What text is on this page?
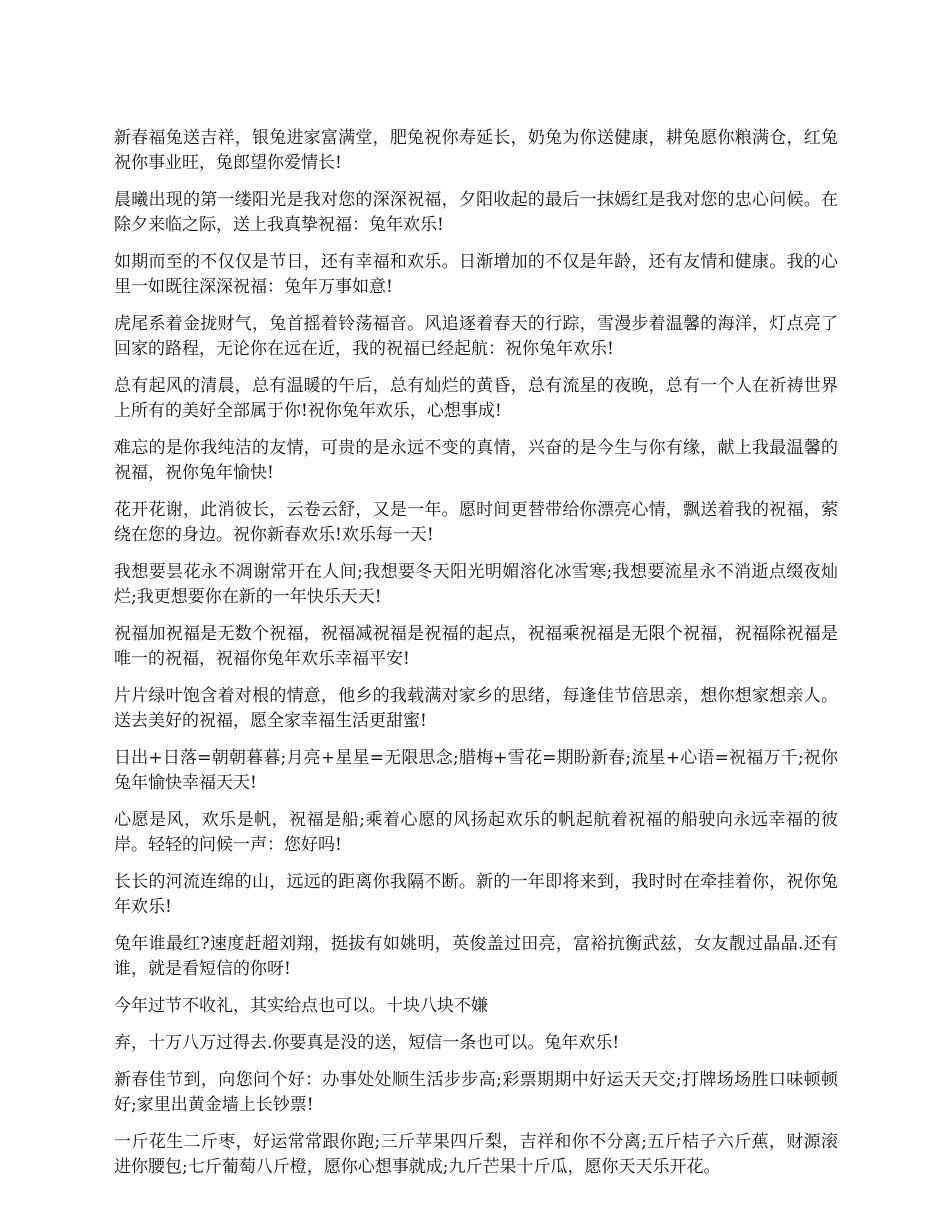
新春福兔送吉祥，银兔进家富满堂，肥兔祝你寿延长，奶兔为你送健康，耕兔愿你粮满仓，红兔祝你事业旺，兔郎望你爱情长!

晨曦出现的第一缕阳光是我对您的深深祝福，夕阳收起的最后一抹嫣红是我对您的忠心问候。在除夕来临之际，送上我真挚祝福：兔年欢乐!

如期而至的不仅仅是节日，还有幸福和欢乐。日渐增加的不仅是年龄，还有友情和健康。我的心里一如既往深深祝福：兔年万事如意!

虎尾系着金拢财气，兔首摇着铃荡福音。风追逐着春天的行踪，雪漫步着温馨的海洋，灯点亮了回家的路程，无论你在远在近，我的祝福已经起航：祝你兔年欢乐!

总有起风的清晨，总有温暖的午后，总有灿烂的黄昏，总有流星的夜晚，总有一个人在祈祷世界上所有的美好全部属于你!祝你兔年欢乐，心想事成!

难忘的是你我纯洁的友情，可贵的是永远不变的真情，兴奋的是今生与你有缘，献上我最温馨的祝福，祝你兔年愉快!

花开花谢，此消彼长，云卷云舒，又是一年。愿时间更替带给你漂亮心情，飘送着我的祝福，萦绕在您的身边。祝你新春欢乐!欢乐每一天!

我想要昙花永不凋谢常开在人间;我想要冬天阳光明媚溶化冰雪寒;我想要流星永不消逝点缀夜灿烂;我更想要你在新的一年快乐天天!

祝福加祝福是无数个祝福，祝福减祝福是祝福的起点，祝福乘祝福是无限个祝福，祝福除祝福是唯一的祝福，祝福你兔年欢乐幸福平安!

片片绿叶饱含着对根的情意，他乡的我载满对家乡的思绪，每逢佳节倍思亲，想你想家想亲人。送去美好的祝福，愿全家幸福生活更甜蜜!

日出+日落=朝朝暮暮;月亮+星星=无限思念;腊梅+雪花=期盼新春;流星+心语=祝福万千;祝你兔年愉快幸福天天!

心愿是风，欢乐是帆，祝福是船;乘着心愿的风扬起欢乐的帆起航着祝福的船驶向永远幸福的彼岸。轻轻的问候一声：您好吗!

长长的河流连绵的山，远远的距离你我隔不断。新的一年即将来到，我时时在牵挂着你，祝你兔年欢乐!

兔年谁最红?速度赶超刘翔，挺拔有如姚明，英俊盖过田亮，富裕抗衡武兹，女友靓过晶晶.还有谁，就是看短信的你呀!

今年过节不收礼，其实给点也可以。十块八块不嫌

弃，十万八万过得去.你要真是没的送，短信一条也可以。兔年欢乐!

新春佳节到，向您问个好：办事处处顺生活步步高;彩票期期中好运天天交;打牌场场胜口味顿顿好;家里出黄金墙上长钞票!

一斤花生二斤枣，好运常常跟你跑;三斤苹果四斤梨，吉祥和你不分离;五斤桔子六斤蕉，财源滚进你腰包;七斤葡萄八斤橙，愿你心想事就成;九斤芒果十斤瓜，愿你天天乐开花。
